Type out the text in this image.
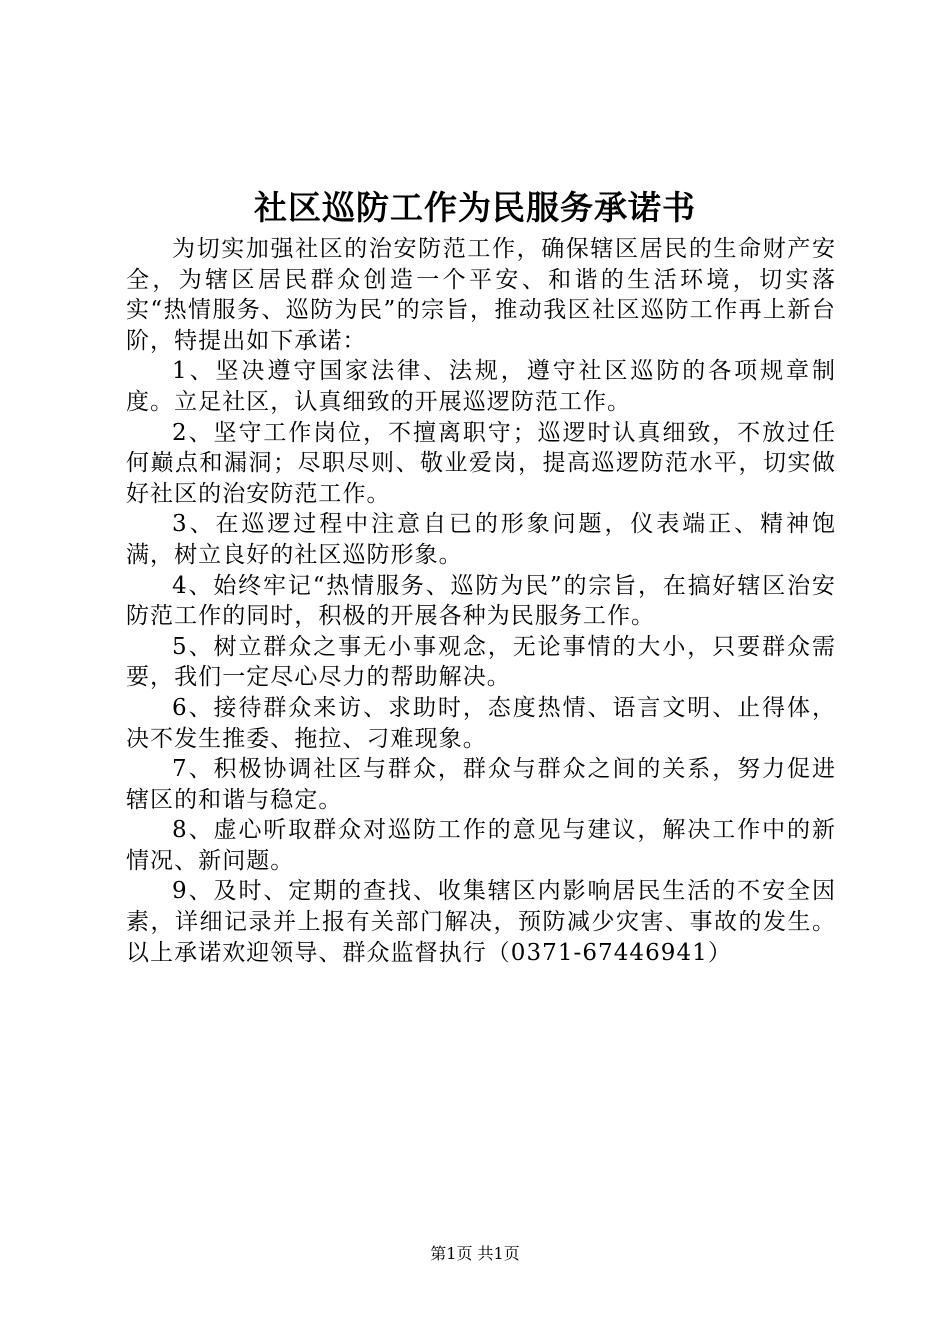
社区巡防工作为民服务承诺书

为切实加强社区的治安防范工作，确保辖区居民的生命财产安全，为辖区居民群众创造一个平安、和谐的生活环境，切实落实“热情服务、巡防为民”的宗旨，推动我区社区巡防工作再上新台阶，特提出如下承诺：

1、坚决遵守国家法律、法规，遵守社区巡防的各项规章制度。立足社区，认真细致的开展巡逻防范工作。

2、坚守工作岗位，不擅离职守；巡逻时认真细致，不放过任何巅点和漏洞；尽职尽则、敬业爱岗，提高巡逻防范水平，切实做好社区的治安防范工作。

3、在巡逻过程中注意自已的形象问题，仪表端正、精神饱满，树立良好的社区巡防形象。

4、始终牢记“热情服务、巡防为民”的宗旨，在搞好辖区治安防范工作的同时，积极的开展各种为民服务工作。

5、树立群众之事无小事观念，无论事情的大小，只要群众需要，我们一定尽心尽力的帮助解决。

6、接待群众来访、求助时，态度热情、语言文明、止得体，决不发生推委、拖拉、刁难现象。

7、积极协调社区与群众，群众与群众之间的关系，努力促进辖区的和谐与稳定。

8、虚心听取群众对巡防工作的意见与建议，解决工作中的新情况、新问题。

9、及时、定期的查找、收集辖区内影响居民生活的不安全因素，详细记录并上报有关部门解决，预防减少灾害、事故的发生。以上承诺欢迎领导、群众监督执行（0371-67446941）

第1页 共1页
